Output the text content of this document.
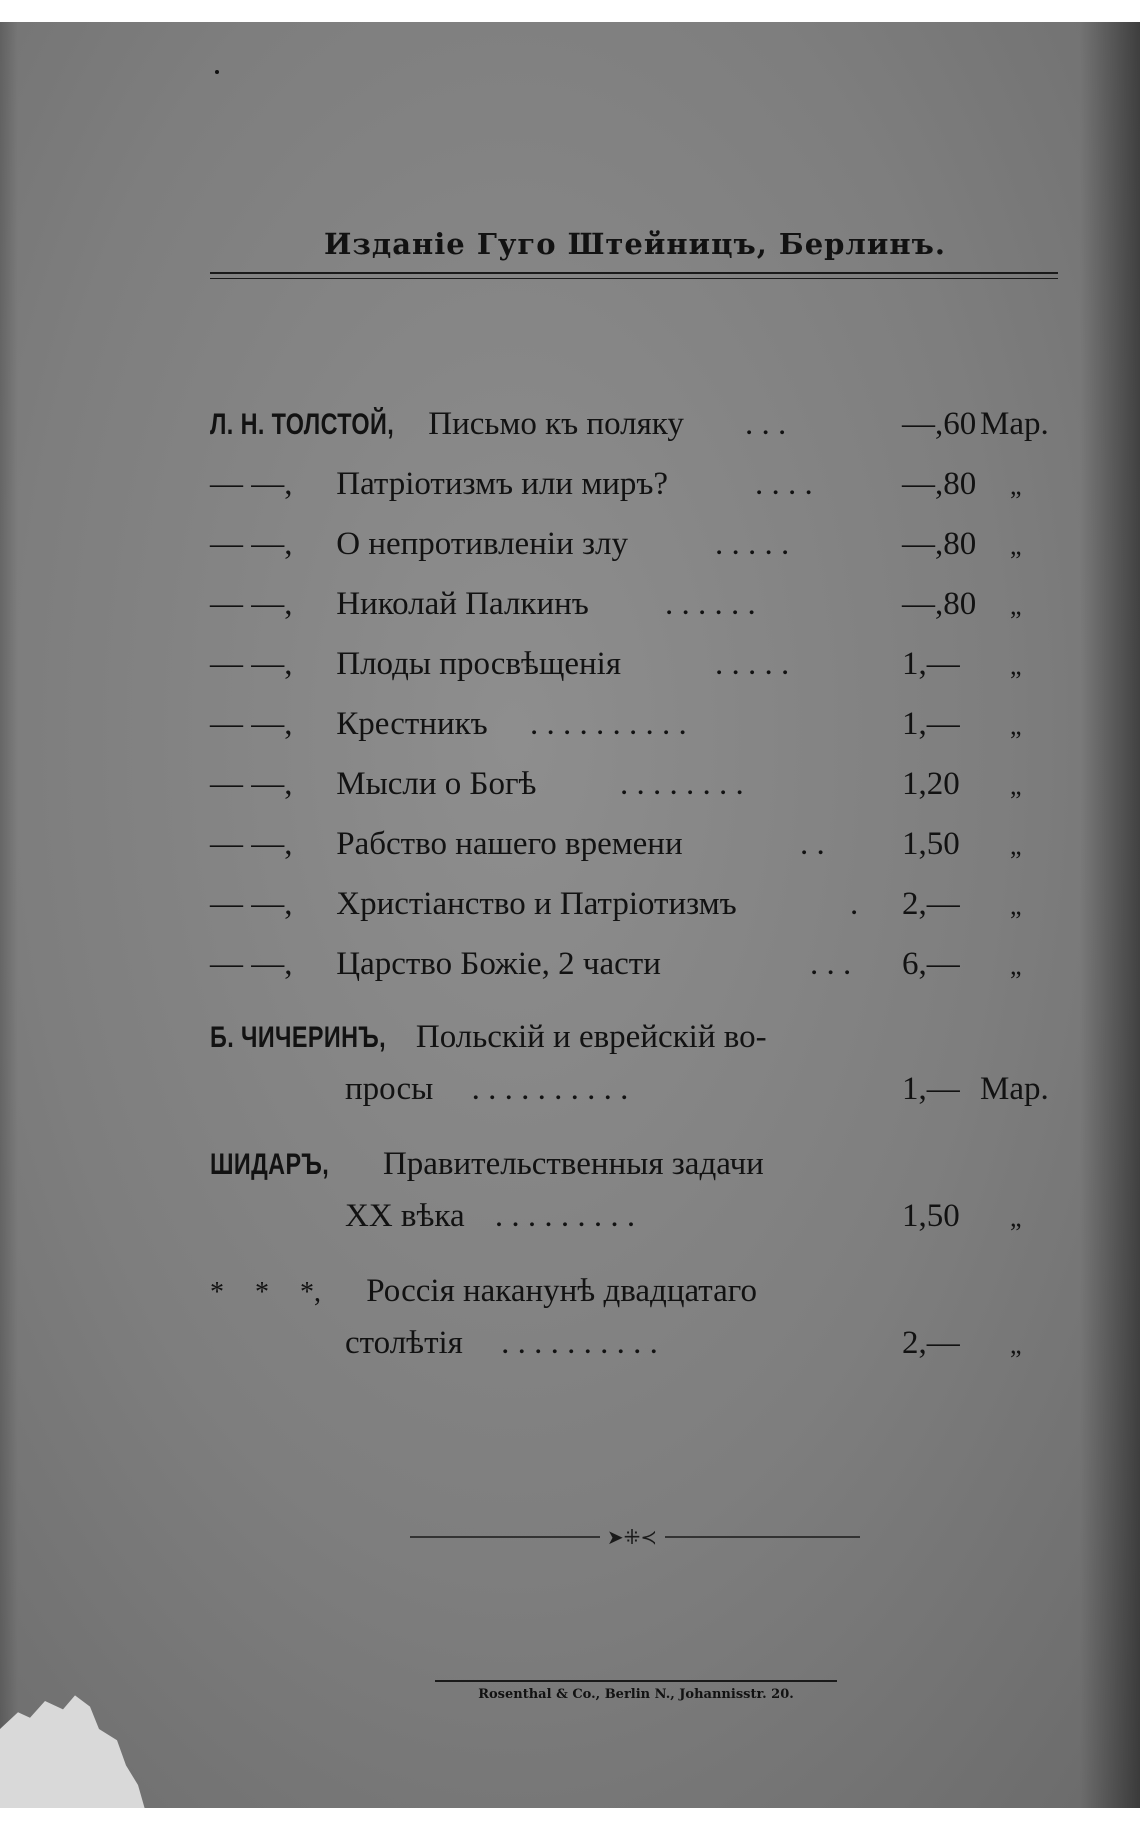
Изданiе Гуго Штейницъ, Берлинъ.
Л. Н. ТОЛСТОЙ, Письмо къ поляку . . .	—,60 Мар.
— —, Патрiотизмъ или миръ?	. . . .	—,80 „
— —, О непротивленiи злу	. . . . .	—,80 „
— —, Николай Палкинъ . . . . . .	—,80 „
— —, Плоды просвѣщенiя	. . . . .	1,— „
— —, Крестникъ . . . . . . . . . .	1,— „
— —, Мысли о Богѣ	. . . . . . . .	1,20 „
— —, Рабство нашего времени	. . 1,50 „
— —, Христiанство и Патрiотизмъ	. 2,— „
— —, Царство Божiе, 2 части	. . . 6,— „
Б. ЧИЧЕРИНЪ, Польскiй и еврейскiй во-
просы . . . . . . . . . .	1,— Мар.
ШИДАРЪ, Правительственныя задачи
XX вѣка . . . . . . . . .	1,50 „
* * *, Россiя наканунѣ двадцатаго
столѣтiя . . . . . . . . . .	2,— „
➤⁜≺
Rosenthal & Co., Berlin N., Johannisstr. 20.
